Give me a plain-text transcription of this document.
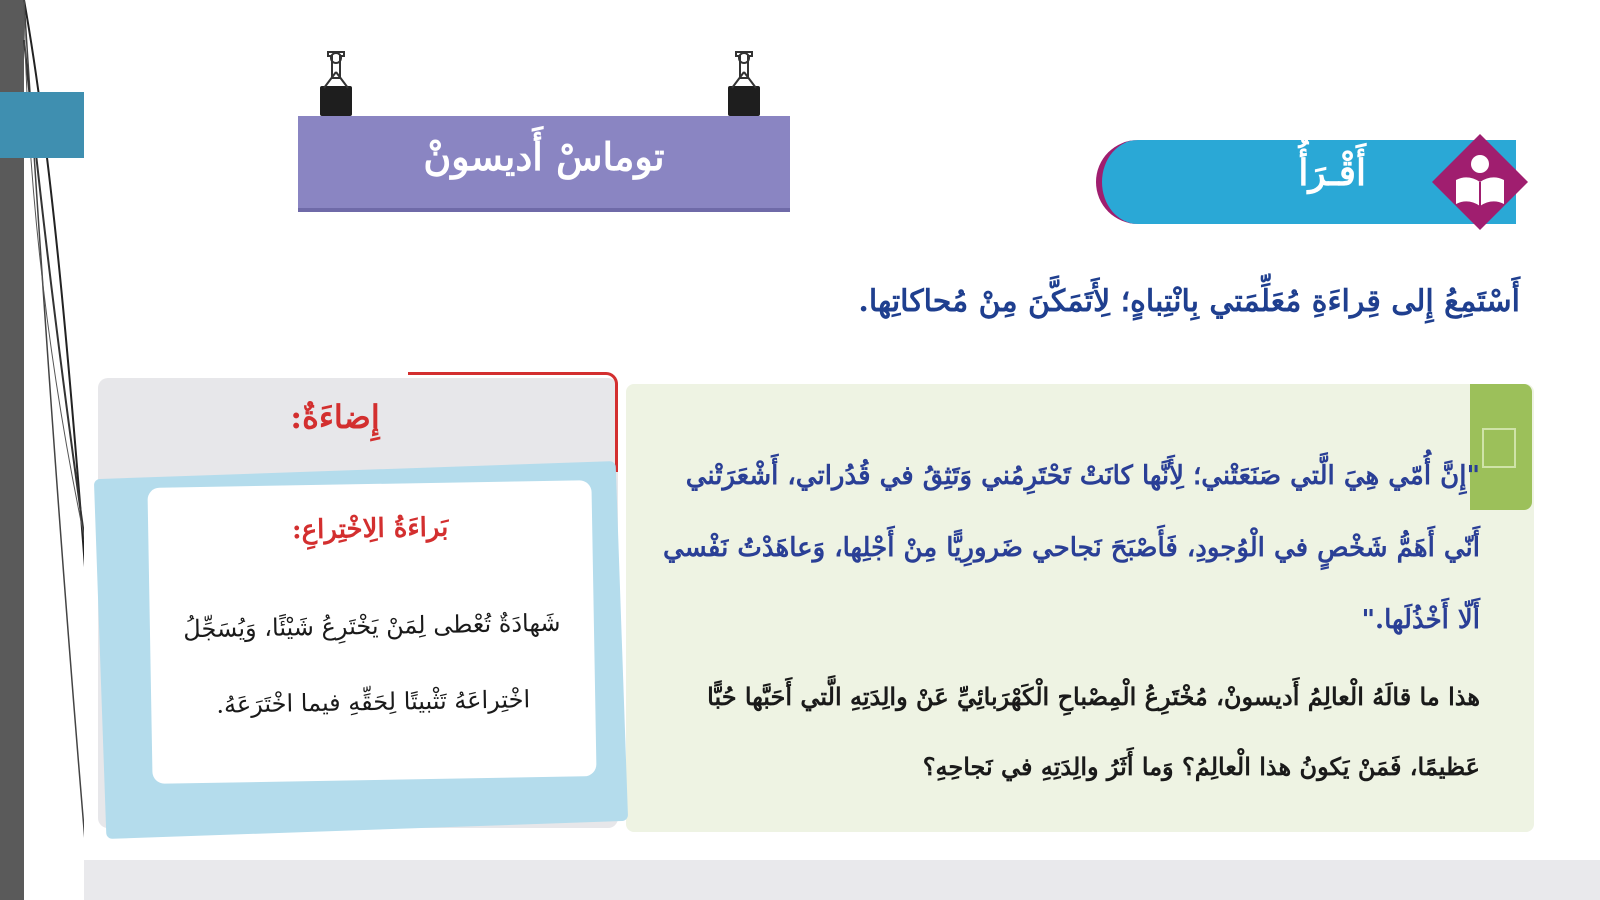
توماسْ أَديسونْ	أَقْـرَأُ
أَسْتَمِعُ إِلى قِراءَةِ مُعَلِّمَتي بِانْتِباهٍ؛ لِأَتَمَكَّنَ مِنْ مُحاكاتِها.
"إِنَّ أُمّي هِيَ الَّتي صَنَعَتْني؛ لِأَنَّها كانَتْ تَحْتَرِمُني وَتَثِقُ في قُدُراتي، أَشْعَرَتْني أَنّي أَهَمُّ شَخْصٍ في الْوُجودِ، فَأَصْبَحَ نَجاحي ضَرورِيًّا مِنْ أَجْلِها، وَعاهَدْتُ نَفْسي أَلّا أَخْذُلَها."
هذا ما قالَهُ الْعالِمُ أَديسونْ، مُخْتَرِعُ الْمِصْباحِ الْكَهْرَبائِيِّ عَنْ والِدَتِهِ الَّتي أَحَبَّها حُبًّا عَظيمًا، فَمَنْ يَكونُ هذا الْعالِمُ؟ وَما أَثَرُ والِدَتِهِ في نَجاحِهِ؟
إِضاءَةٌ:
بَراءَةُ الِاخْتِراعِ:
شَهادَةٌ تُعْطى لِمَنْ يَخْتَرِعُ شَيْئًا، وَيُسَجِّلُ اخْتِراعَهُ تَثْبيتًا لِحَقِّهِ فيما اخْتَرَعَهُ.
